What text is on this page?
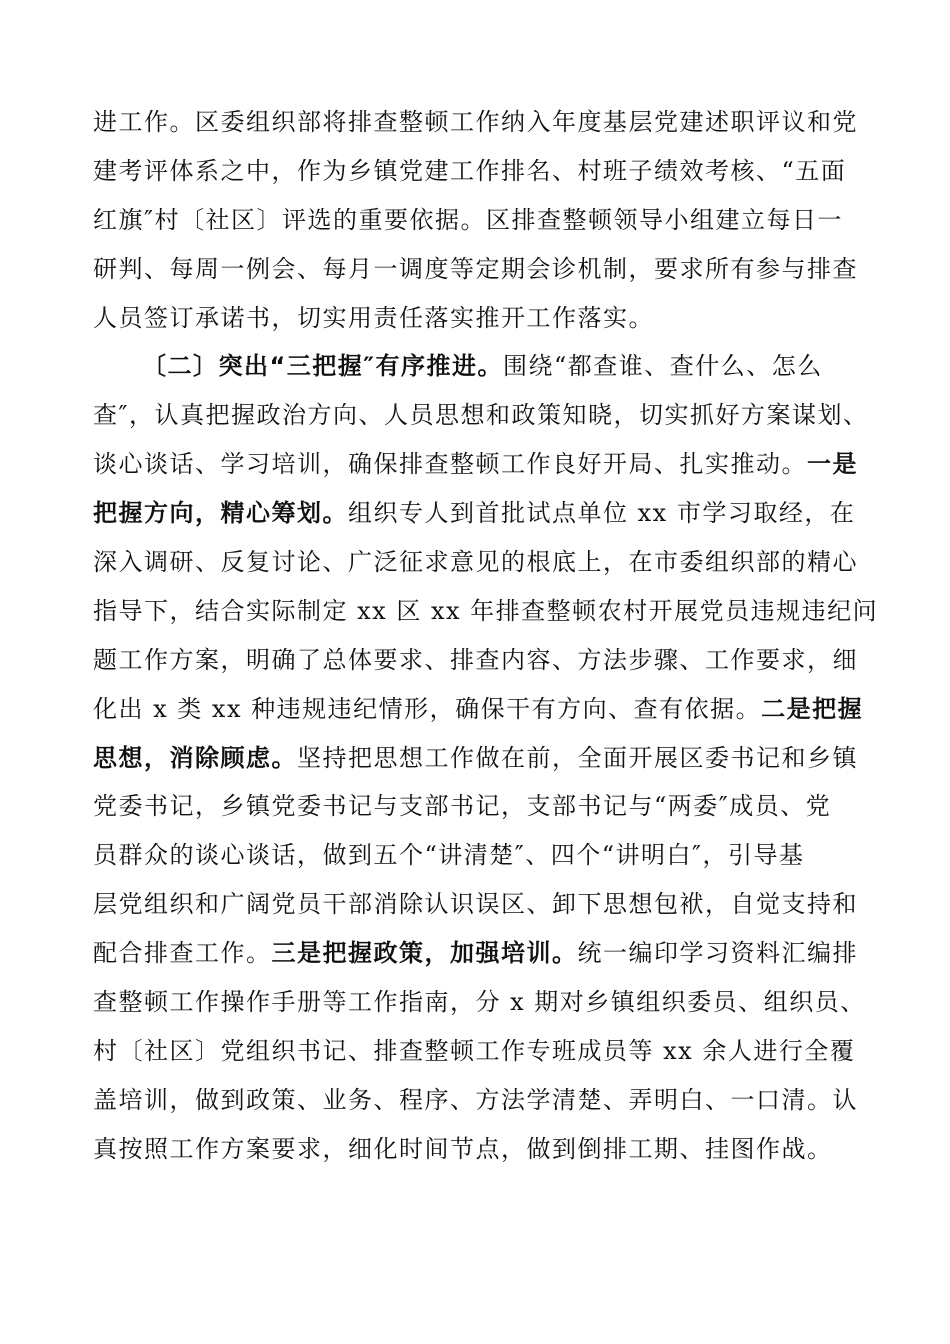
进工作。区委组织部将排查整顿工作纳入年度基层党建述职评议和党
建考评体系之中，作为乡镇党建工作排名、村班子绩效考核、“五面
红旗″村〔社区〕评选的重要依据。区排查整顿领导小组建立每日一
研判、每周一例会、每月一调度等定期会诊机制，要求所有参与排查
人员签订承诺书，切实用责任落实推开工作落实。
〔二〕突出“三把握″有序推进。围绕“都查谁、查什么、怎么
查″，认真把握政治方向、人员思想和政策知晓，切实抓好方案谋划、
谈心谈话、学习培训，确保排查整顿工作良好开局、扎实推动。一是
把握方向，精心筹划。组织专人到首批试点单位 xx 市学习取经，在
深入调研、反复讨论、广泛征求意见的根底上，在市委组织部的精心
指导下，结合实际制定 xx 区 xx 年排查整顿农村开展党员违规违纪问
题工作方案，明确了总体要求、排查内容、方法步骤、工作要求，细
化出 x 类 xx 种违规违纪情形，确保干有方向、查有依据。二是把握
思想，消除顾虑。坚持把思想工作做在前，全面开展区委书记和乡镇
党委书记，乡镇党委书记与支部书记，支部书记与“两委″成员、党
员群众的谈心谈话，做到五个“讲清楚″、四个“讲明白″，引导基
层党组织和广阔党员干部消除认识误区、卸下思想包袱，自觉支持和
配合排查工作。三是把握政策，加强培训。统一编印学习资料汇编排
查整顿工作操作手册等工作指南，分 x 期对乡镇组织委员、组织员、
村〔社区〕党组织书记、排查整顿工作专班成员等 xx 余人进行全覆
盖培训，做到政策、业务、程序、方法学清楚、弄明白、一口清。认
真按照工作方案要求，细化时间节点，做到倒排工期、挂图作战。
